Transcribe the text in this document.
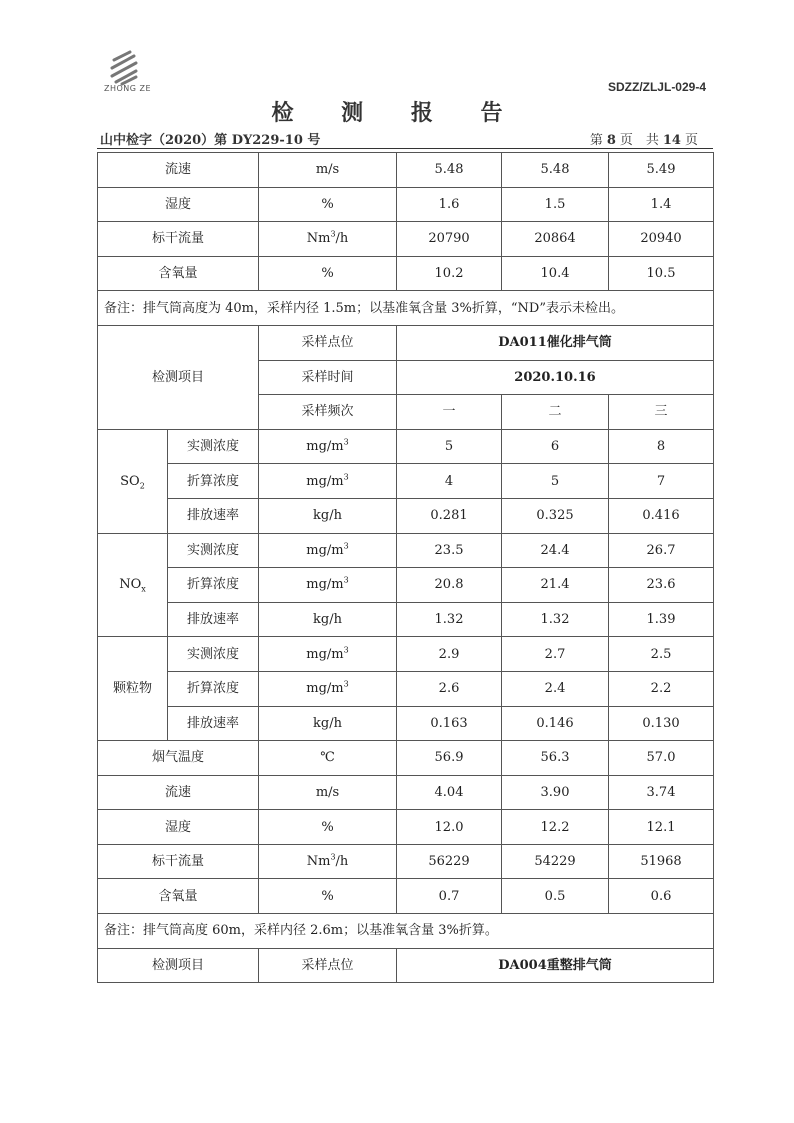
ZHONG ZE	SDZZ/ZLJL-029-4
检 测 报 告
山中检字（2020）第 DY229-10 号	第 8 页　共 14 页
流速		m/s	5.48	5.48	5.49
湿度		%	1.6	1.5	1.4
标干流量		Nm$^3$/h	20790	20864	20940
含氧量		%	10.2	10.4	10.5
备注：排气筒高度为 40m，采样内径 1.5m；以基准氧含量 3%折算，“ND”表示未检出。					
检测项目		采样点位	DA011催化排气筒		
		采样时间	2020.10.16		
		采样频次	一	二	三
$SO_2$	实测浓度	$mg/m^3$	5	6	8
	折算浓度	$mg/m^3$	4	5	7
	排放速率	kg/h	0.281	0.325	0.416
$NO_x$	实测浓度	$mg/m^3$	23.5	24.4	26.7
	折算浓度	$mg/m^3$	20.8	21.4	23.6
	排放速率	kg/h	1.32	1.32	1.39
颗粒物	实测浓度	$mg/m^3$	2.9	2.7	2.5
	折算浓度	$mg/m^3$	2.6	2.4	2.2
	排放速率	kg/h	0.163	0.146	0.130
烟气温度		℃	56.9	56.3	57.0
流速		m/s	4.04	3.90	3.74
湿度		%	12.0	12.2	12.1
标干流量		Nm$^3$/h	56229	54229	51968
含氧量		%	0.7	0.5	0.6
备注：排气筒高度 60m，采样内径 2.6m；以基准氧含量 3%折算。					
检测项目		采样点位	DA004重整排气筒		
